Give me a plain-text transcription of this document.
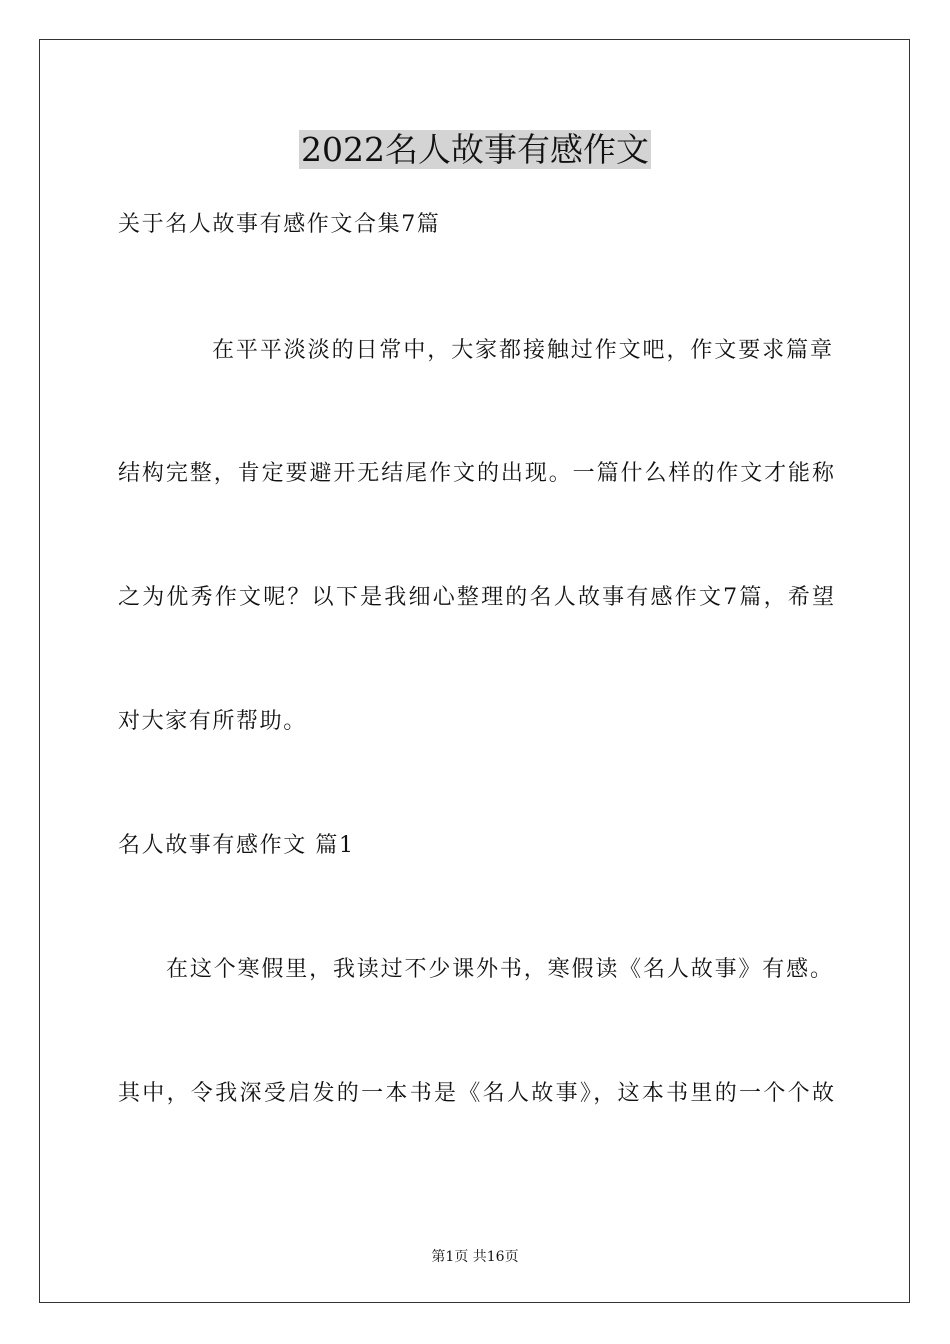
2022名人故事有感作文
关于名人故事有感作文合集7篇
在平平淡淡的日常中，大家都接触过作文吧，作文要求篇章
结构完整，肯定要避开无结尾作文的出现。一篇什么样的作文才能称
之为优秀作文呢？以下是我细心整理的名人故事有感作文7篇，希望
对大家有所帮助。
名人故事有感作文 篇1
在这个寒假里，我读过不少课外书，寒假读《名人故事》有感。
其中，令我深受启发的一本书是《名人故事》，这本书里的一个个故
第1页 共16页
